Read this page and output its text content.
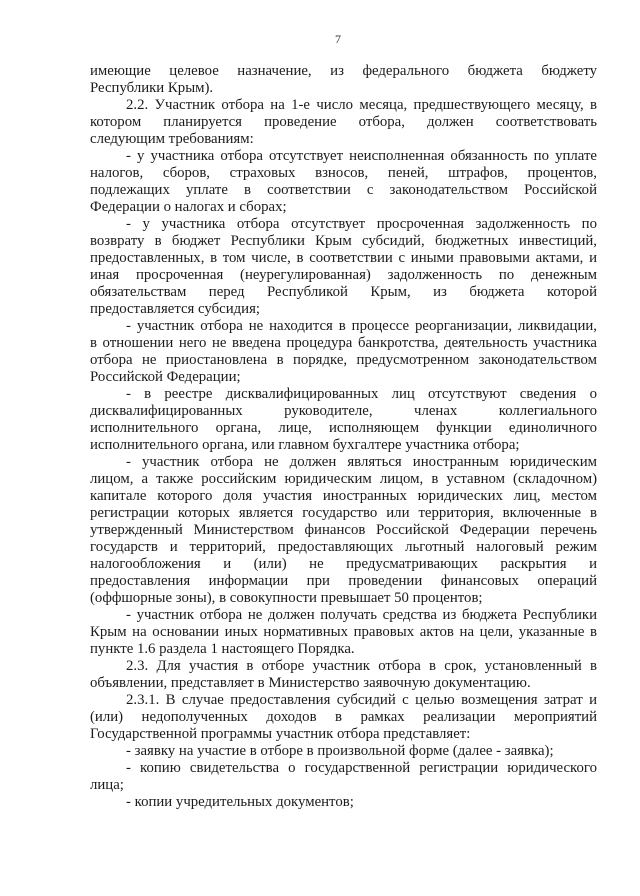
7
имеющие целевое назначение, из федерального бюджета бюджету
Республики Крым).
2.2. Участник отбора на 1-е число месяца, предшествующего месяцу, в
котором планируется проведение отбора, должен соответствовать
следующим требованиям:
- у участника отбора отсутствует неисполненная обязанность по уплате
налогов, сборов, страховых взносов, пеней, штрафов, процентов,
подлежащих уплате в соответствии с законодательством Российской
Федерации о налогах и сборах;
- у участника отбора отсутствует просроченная задолженность по
возврату в бюджет Республики Крым субсидий, бюджетных инвестиций,
предоставленных, в том числе, в соответствии с иными правовыми актами, и
иная просроченная (неурегулированная) задолженность по денежным
обязательствам перед Республикой Крым, из бюджета которой
предоставляется субсидия;
- участник отбора не находится в процессе реорганизации, ликвидации,
в отношении него не введена процедура банкротства, деятельность участника
отбора не приостановлена в порядке, предусмотренном законодательством
Российской Федерации;
- в реестре дисквалифицированных лиц отсутствуют сведения о
дисквалифицированных руководителе, членах коллегиального
исполнительного органа, лице, исполняющем функции единоличного
исполнительного органа, или главном бухгалтере участника отбора;
- участник отбора не должен являться иностранным юридическим
лицом, а также российским юридическим лицом, в уставном (складочном)
капитале которого доля участия иностранных юридических лиц, местом
регистрации которых является государство или территория, включенные в
утвержденный Министерством финансов Российской Федерации перечень
государств и территорий, предоставляющих льготный налоговый режим
налогообложения и (или) не предусматривающих раскрытия и
предоставления информации при проведении финансовых операций
(оффшорные зоны), в совокупности превышает 50 процентов;
- участник отбора не должен получать средства из бюджета Республики
Крым на основании иных нормативных правовых актов на цели, указанные в
пункте 1.6 раздела 1 настоящего Порядка.
2.3. Для участия в отборе участник отбора в срок, установленный в
объявлении, представляет в Министерство заявочную документацию.
2.3.1. В случае предоставления субсидий с целью возмещения затрат и
(или) недополученных доходов в рамках реализации мероприятий
Государственной программы участник отбора представляет:
- заявку на участие в отборе в произвольной форме (далее - заявка);
- копию свидетельства о государственной регистрации юридического
лица;
- копии учредительных документов;
